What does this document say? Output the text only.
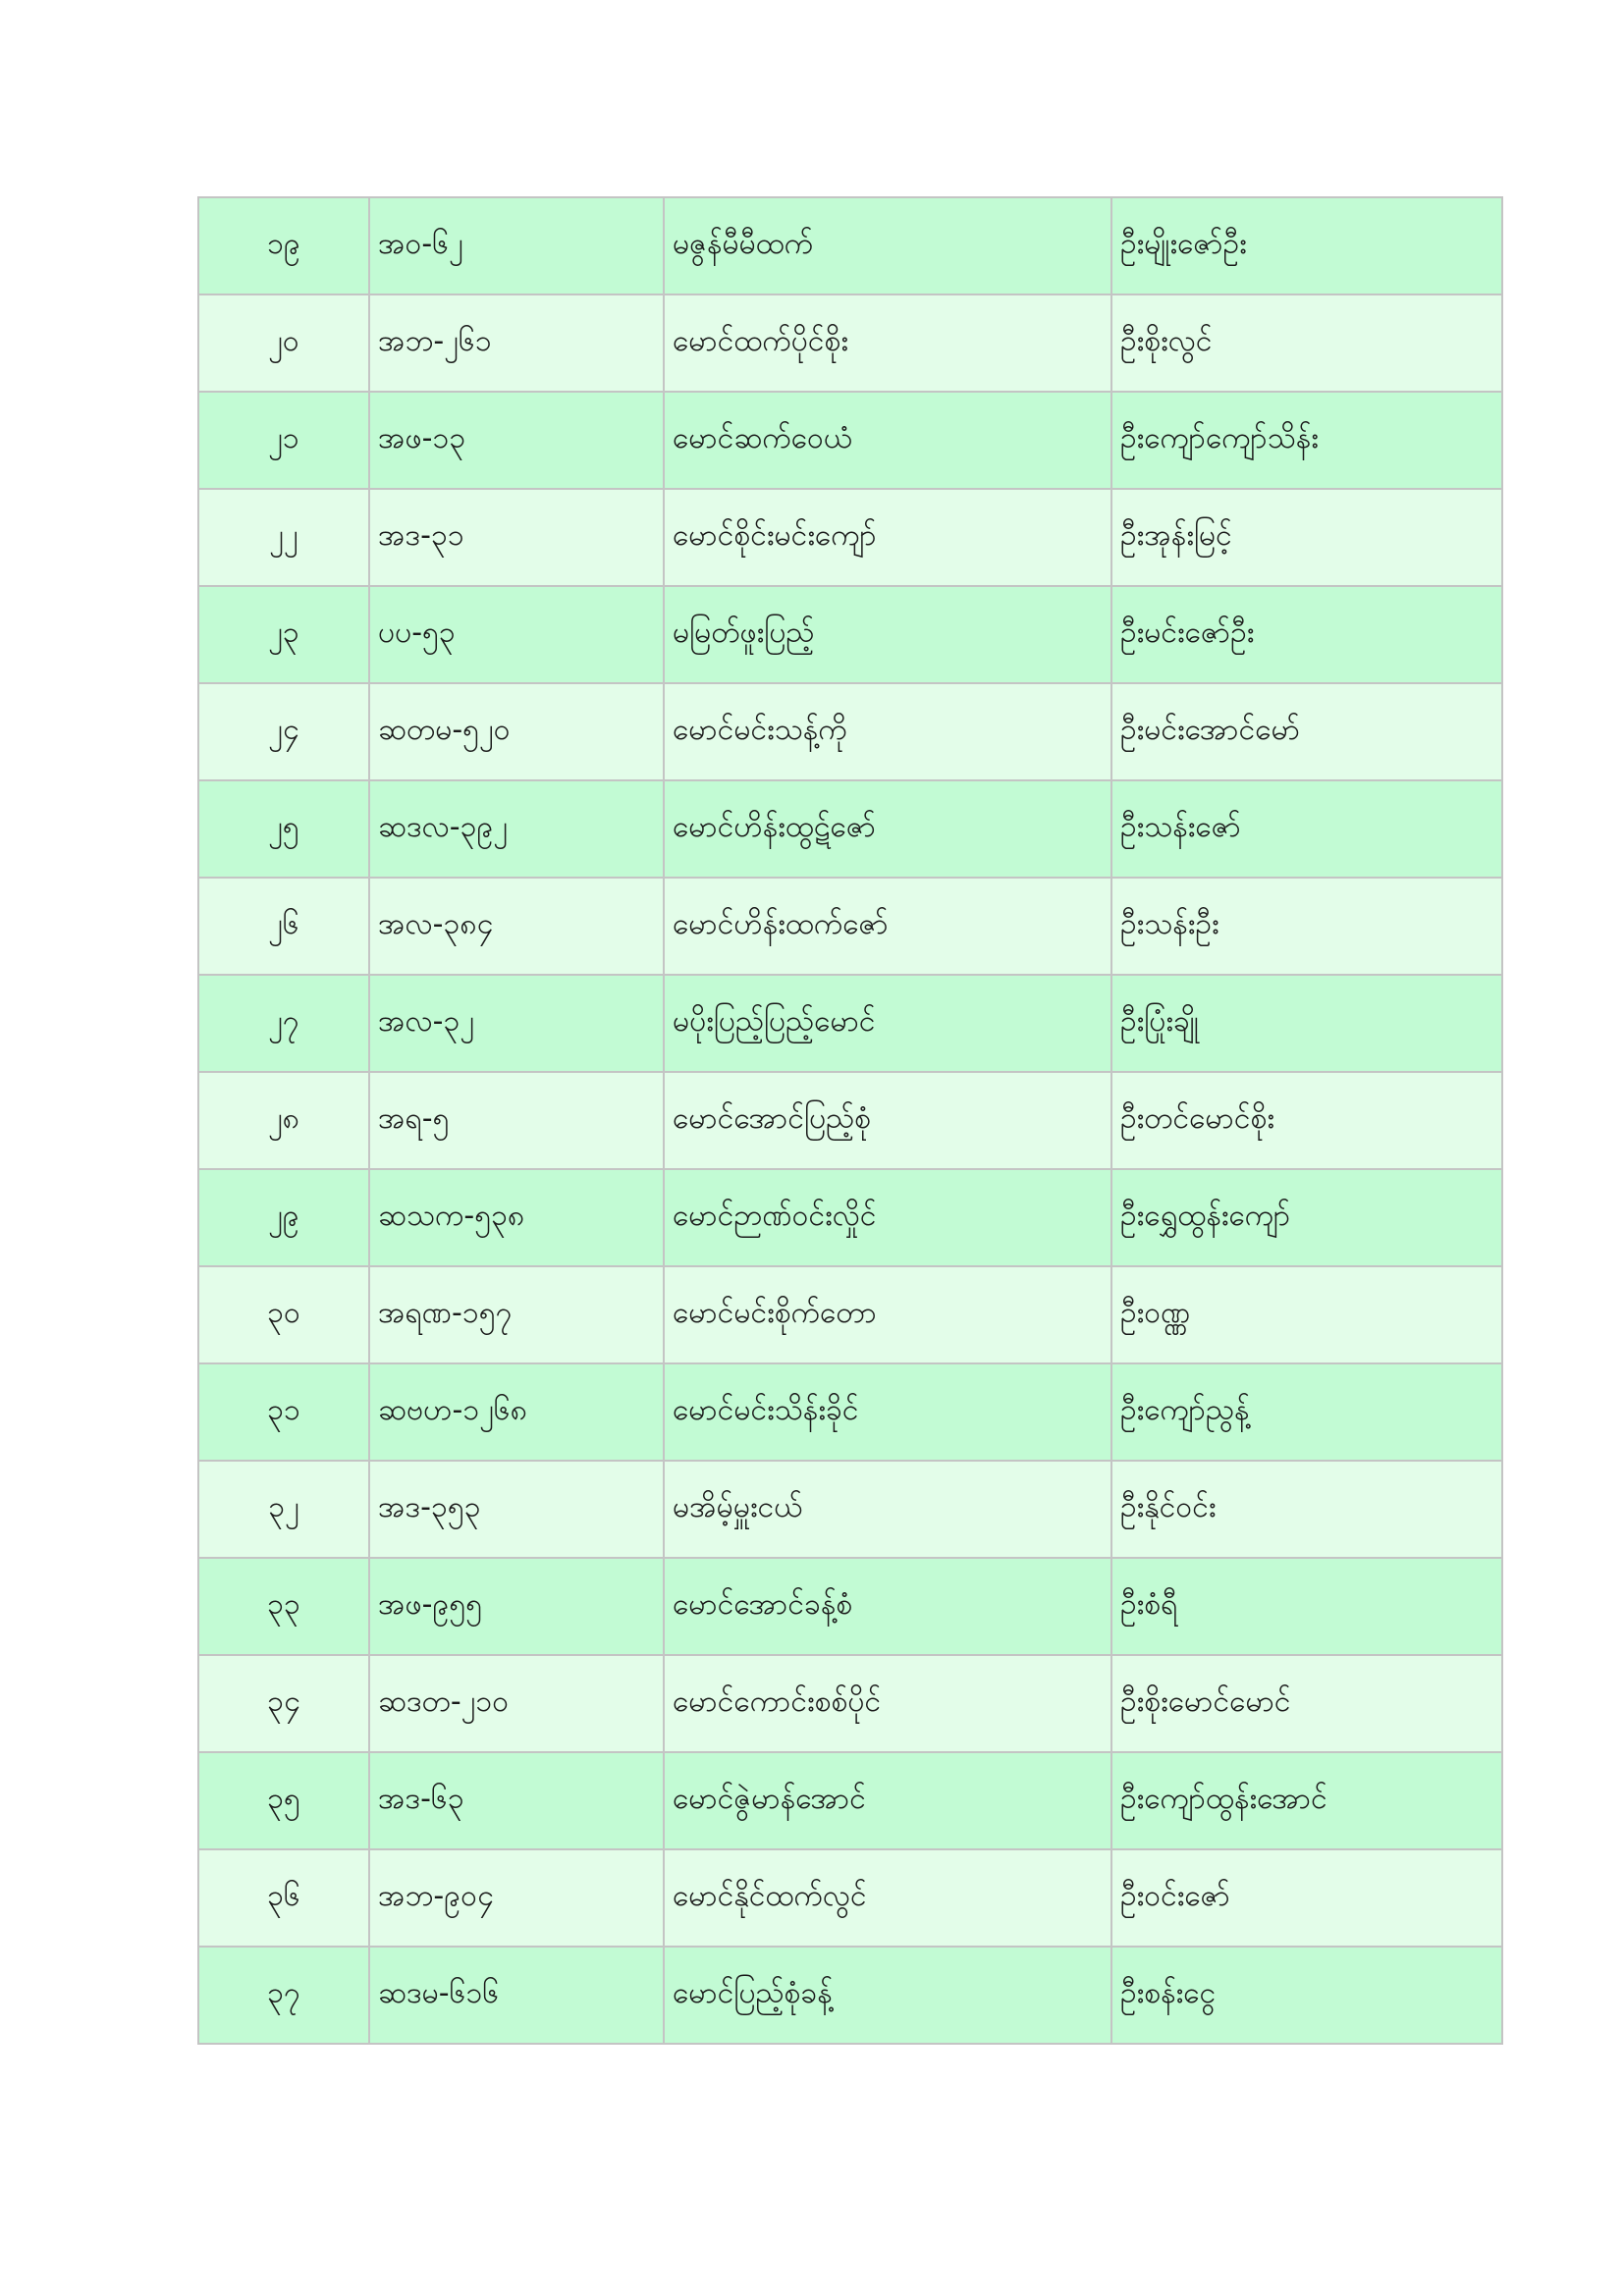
၁၉	အဝ-၆၂	မဇွန်မီမီထက်	ဦးမျိုးဇော်ဦး
၂၀	အဘ-၂၆၁	မောင်ထက်ပိုင်စိုး	ဦးစိုးလွင်
၂၁	အဖ-၁၃	မောင်ဆက်ဝေယံ	ဦးကျော်ကျော်သိန်း
၂၂	အဒ-၃၁	မောင်စိုင်းမင်းကျော်	ဦးအုန်းမြင့်
၂၃	ပပ-၅၃	မမြတ်ဖူးပြည့်	ဦးမင်းဇော်ဦး
၂၄	ဆတမ-၅၂၀	မောင်မင်းသန့်ကို	ဦးမင်းအောင်မော်
၂၅	ဆဒလ-၃၉၂	မောင်ဟိန်းထွဋ်ဇော်	ဦးသန်းဇော်
၂၆	အလ-၃၈၄	မောင်ဟိန်းထက်ဇော်	ဦးသန်းဦး
၂၇	အလ-၃၂	မပိုးပြည့်ပြည့်မောင်	ဦးပြုံးချို
၂၈	အရ-၅	မောင်အောင်ပြည့်စုံ	ဦးတင်မောင်စိုး
၂၉	ဆသက-၅၃၈	မောင်ဉာဏ်ဝင်းလှိုင်	ဦးရွှေထွန်းကျော်
၃၀	အရဏ-၁၅၇	မောင်မင်းစိုက်တော	ဦးဝဏ္ဏ
၃၁	ဆဗဟ-၁၂၆၈	မောင်မင်းသိန်းခိုင်	ဦးကျော်ညွန့်
၃၂	အဒ-၃၅၃	မအိမ့်မှူးငယ်	ဦးနိုင်ဝင်း
၃၃	အဖ-၉၅၅	မောင်အောင်ခန့်စံ	ဦးစံရီ
၃၄	ဆဒတ-၂၁၀	မောင်ကောင်းစစ်ပိုင်	ဦးစိုးမောင်မောင်
၃၅	အဒ-၆၃	မောင်ဇွဲမာန်အောင်	ဦးကျော်ထွန်းအောင်
၃၆	အဘ-၉၀၄	မောင်နိုင်ထက်လွင်	ဦးဝင်းဇော်
၃၇	ဆဒမ-၆၁၆	မောင်ပြည့်စုံခန့်	ဦးစန်းငွေ
